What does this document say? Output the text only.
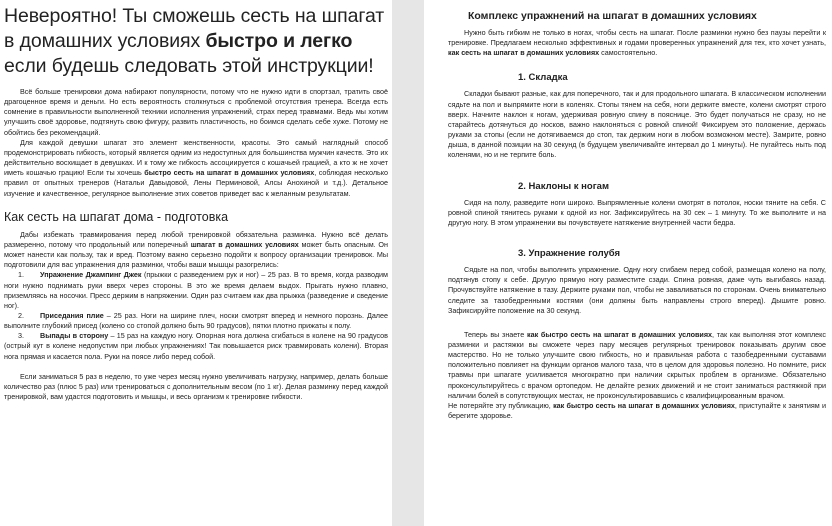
Невероятно! Ты сможешь сесть на шпагат в домашних условиях быстро и легко если будешь следовать этой инструкции!

Всё больше тренировки дома набирают популярности, потому что не нужно идти в спортзал, тратить своё драгоценное время и деньги. Но есть вероятность столкнуться с проблемой отсутствия тренера. Всегда есть сомнение в правильности выполненной техники исполнения упражнений, страх перед травмами. Ведь мы хотим улучшить своё здоровье, подтянуть свою фигуру, развить пластичность, но боимся сделать себе хуже. Потому не обойтись без рекомендаций.

Для каждой девушки шпагат это элемент женственности, красоты. Это самый наглядный способ продемонстрировать гибкость, который является одним из недоступных для большинства мужчин качеств. Это их действительно восхищает в девушках. И к тому же гибкость ассоциируется с кошачьей грацией, а кто ж не хочет иметь кошачью грацию! Если ты хочешь быстро сесть на шпагат в домашних условиях, соблюдая несколько правил от опытных тренеров (Натальи Давыдовой, Лены Перминовой, Алсы Анохиной и т.д.). Детальное изучение и качественное, регулярное выполнение этих советов приведет вас к желанным результатам.

Как сесть на шпагат дома - подготовка

Дабы избежать травмирования перед любой тренировкой обязательна разминка. Нужно всё делать размеренно, потому что продольный или поперечный шпагат в домашних условиях может быть опасным. Он может нанести как пользу, так и вред. Поэтому важно серьезно подойти к вопросу организации тренировок. Мы подготовили для вас упражнения для разминки, чтобы ваши мышцы разогрелись:

1. Упражнение Джампинг Джек (прыжки с разведением рук и ног) – 25 раз. В то время, когда разводим ноги нужно поднимать руки вверх через стороны. В это же время делаем выдох. Прыгать нужно плавно, приземляясь на носочки. Пресс держим в напряжении. Один раз считаем как два прыжка (разведение и сведение ног).

2. Приседания плие – 25 раз. Ноги на ширине плеч, носки смотрят вперед и немного порознь. Далее выполните глубокий присед (колено со стопой должно быть 90 градусов), пятки плотно прижаты к полу.

3. Выпады в сторону – 15 раз на каждую ногу. Опорная нога должна сгибаться в колене на 90 градусов (острый кут в колене недопустим при любых упражнениях! Так повышается риск травмировать колени). Вторая нога прямая и касается пола. Руки на поясе либо перед собой.

Если заниматься 5 раз в неделю, то уже через месяц нужно увеличивать нагрузку, например, делать больше количество раз (плюс 5 раз) или тренироваться с дополнительным весом (по 1 кг). Делая разминку перед каждой тренировкой, вам удастся подготовить и мышцы, и весь организм к тренировке гибкости.

Комплекс упражнений на шпагат в домашних условиях

Нужно быть гибким не только в ногах, чтобы сесть на шпагат. После разминки нужно без паузы перейти к тренировке. Предлагаем несколько эффективных и годами проверенных упражнений для тех, кто хочет узнать, как сесть на шпагат в домашних условиях самостоятельно.

1. Складка

Складки бывают разные, как для поперечного, так и для продольного шпагата. В классическом исполнении сядьте на пол и выпрямите ноги в коленях. Стопы тянем на себя, ноги держите вместе, колени смотрят строго вверх. Начните наклон к ногам, удерживая ровную спину в пояснице. Это будет получаться не сразу, но не старайтесь дотянуться до носков, важно наклоняться с ровной спиной! Фиксируем это положение, держась руками за стопы (если не дотягиваемся до стоп, так держим ноги в любом возможном месте). Замрите, ровно дыша, в данной позиции на 30 секунд (в будущем увеличивайте интервал до 1 минуты). Не пугайтесь ныть под коленями, но и не терпите боль.

2. Наклоны к ногам

Сидя на полу, разведите ноги широко. Выпрямленные колени смотрят в потолок, носки тяните на себя. С ровной спиной тянитесь руками к одной из ног. Зафиксируйтесь на 30 сек – 1 минуту. То же выполните и на другую ногу. В этом упражнении вы почувствуете натяжение внутренней части бедра.

3. Упражнение голубя

Сядьте на пол, чтобы выполнить упражнение. Одну ногу сгибаем перед собой, размещая колено на полу, подтянув стопу к себе. Другую прямую ногу разместите сзади. Спина ровная, даже чуть выгибаясь назад. Прочувствуйте натяжение в тазу. Держите руками пол, чтобы не заваливаться по сторонам. Очень внимательно следите за тазобедренными костями (они должны быть направлены строго вперед). Дышите ровно. Зафиксируйте положение на 30 секунд.

Теперь вы знаете как быстро сесть на шпагат в домашних условиях, так как выполняя этот комплекс разминки и растяжки вы сможете через пару месяцев регулярных тренировок показывать другим свое мастерство. Но не только улучшите свою гибкость, но и правильная работа с тазобедренными суставами положительно повлияет на функции органов малого таза, что в целом для здоровья полезно. Но помните, риск травмы при шпагате усиливается многократно при наличии скрытых проблем в организме. Обязательно проконсультируйтесь с врачом ортопедом. Не делайте резких движений и не стоит заниматься растяжкой при наличии болей в сопутствующих местах, не проконсультировавшись с квалифицированным врачом.

Не потеряйте эту публикацию, как быстро сесть на шпагат в домашних условиях, приступайте к занятиям и берегите здоровье.
